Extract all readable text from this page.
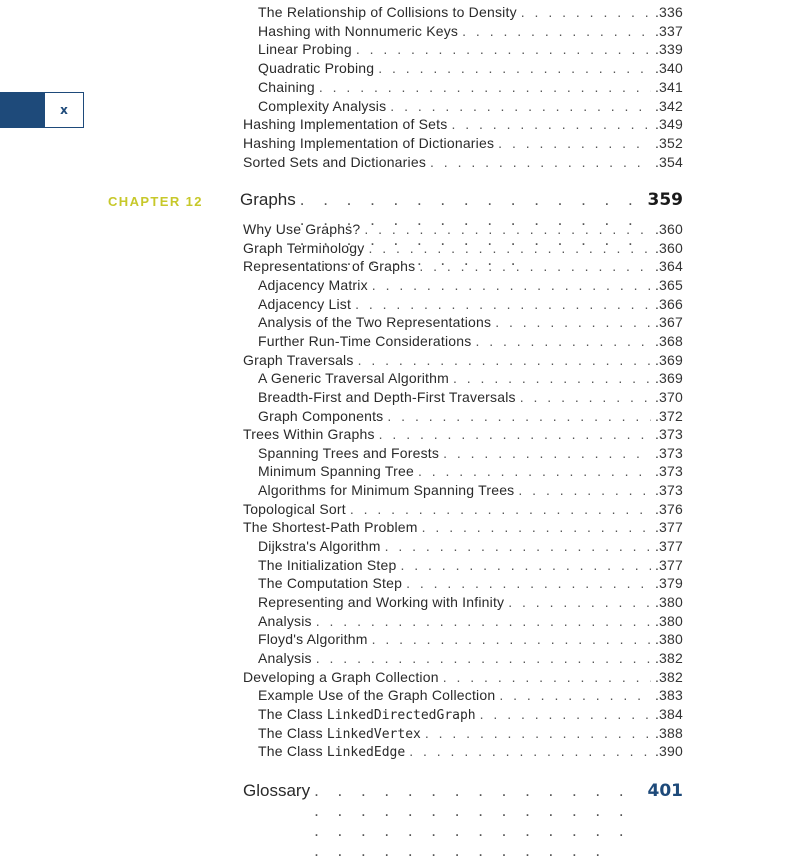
x
The Relationship of Collisions to Density . . .	.336
Hashing with Nonnumeric Keys . . .	.337
Linear Probing . . .	.339
Quadratic Probing . . .	.340
Chaining . . .	.341
Complexity Analysis . . .	.342
Hashing Implementation of Sets . . .	.349
Hashing Implementation of Dictionaries . . .	.352
Sorted Sets and Dictionaries . . .	.354
CHAPTER 12 Graphs . . .	359
Why Use Graphs? . . .	.360
Graph Terminology . . .	.360
Representations of Graphs . . .	.364
Adjacency Matrix . . .	.365
Adjacency List . . .	.366
Analysis of the Two Representations . . .	.367
Further Run-Time Considerations . . .	.368
Graph Traversals . . .	.369
A Generic Traversal Algorithm . . .	.369
Breadth-First and Depth-First Traversals . . .	.370
Graph Components . . .	.372
Trees Within Graphs . . .	.373
Spanning Trees and Forests . . .	.373
Minimum Spanning Tree . . .	.373
Algorithms for Minimum Spanning Trees . . .	.373
Topological Sort . . .	.376
The Shortest-Path Problem . . .	.377
Dijkstra's Algorithm . . .	.377
The Initialization Step . . .	.377
The Computation Step . . .	.379
Representing and Working with Infinity . . .	.380
Analysis . . .	.380
Floyd's Algorithm . . .	.380
Analysis . . .	.382
Developing a Graph Collection . . .	.382
Example Use of the Graph Collection . . .	.383
The Class LinkedDirectedGraph . . .	.384
The Class LinkedVertex . . .	.388
The Class LinkedEdge . . .	.390
Glossary . . .	401
